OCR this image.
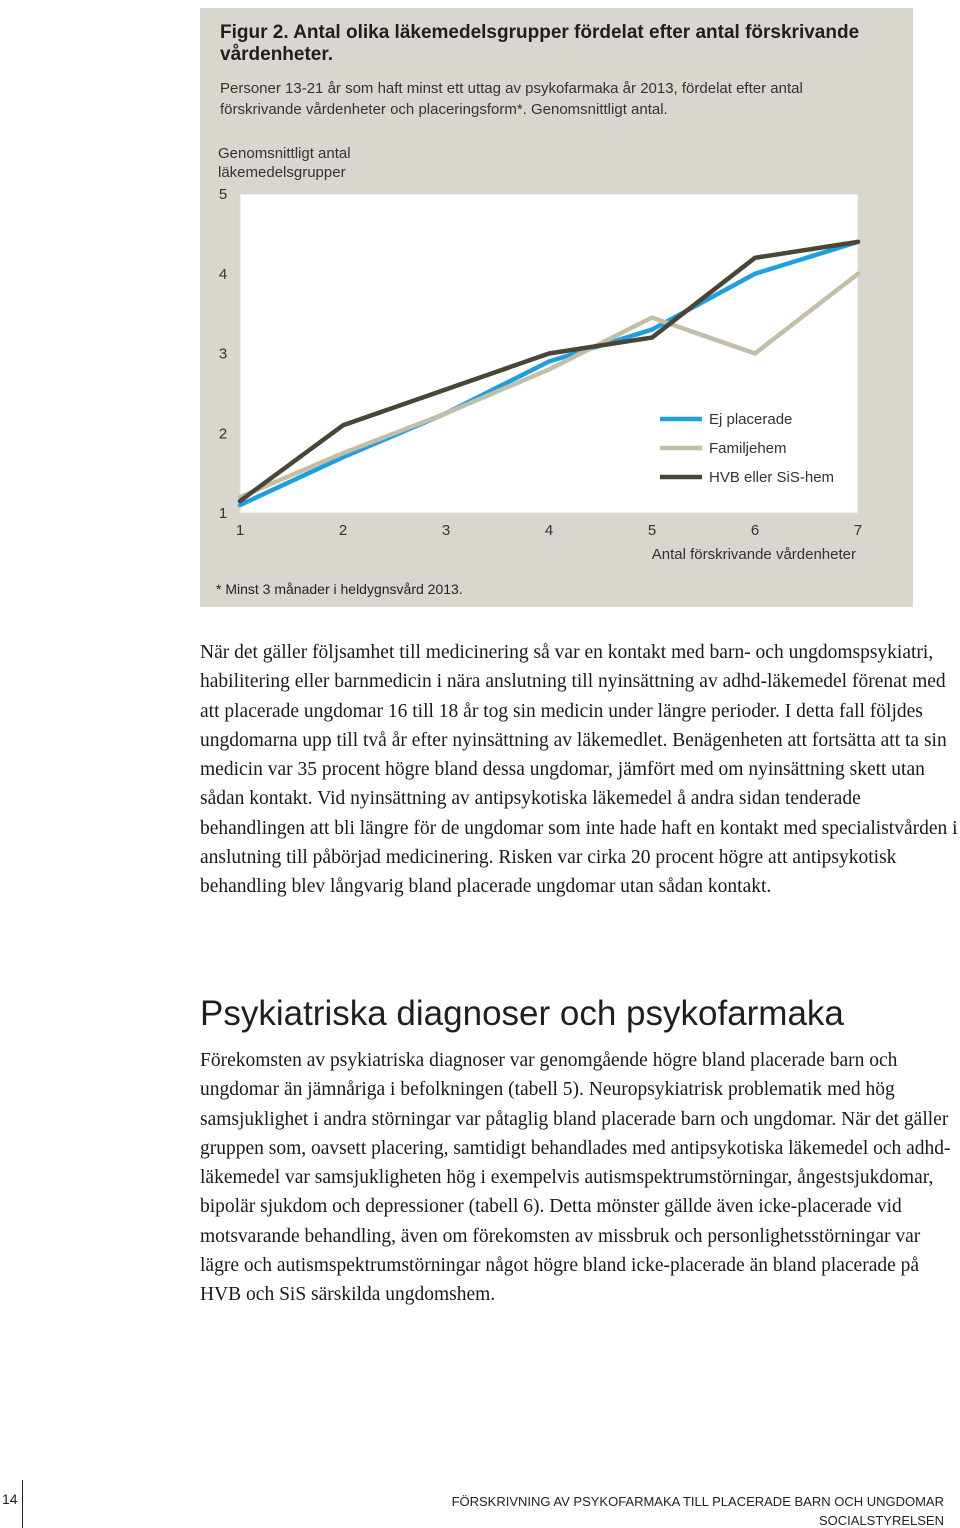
Figur 2. Antal olika läkemedelsgrupper fördelat efter antal förskrivande vårdenheter.
Personer 13-21 år som haft minst ett uttag av psykofarmaka år 2013, fördelat efter antal förskrivande vårdenheter och placeringsform*. Genomsnittligt antal.
Genomsnittligt antal
läkemedelsgrupper
1
2
3
4
5
1	2	3	4	5	6	7
Ej placerade
Familjehem
HVB eller SiS-hem
Antal förskrivande vårdenheter
* Minst 3 månader i heldygnsvård 2013.

När det gäller följsamhet till medicinering så var en kontakt med barn- och ungdomspsykiatri, habilitering eller barnmedicin i nära anslutning till nyinsättning av adhd-läkemedel förenat med att placerade ungdomar 16 till 18 år tog sin medicin under längre perioder. I detta fall följdes ungdomarna upp till två år efter nyinsättning av läkemedlet. Benägenheten att fortsätta att ta sin medicin var 35 procent högre bland dessa ungdomar, jämfört med om nyinsättning skett utan sådan kontakt. Vid nyinsättning av antipsykotiska läkemedel å andra sidan tenderade behandlingen att bli längre för de ungdomar som inte hade haft en kontakt med specialistvården i anslutning till påbörjad medicinering. Risken var cirka 20 procent högre att antipsykotisk behandling blev långvarig bland placerade ungdomar utan sådan kontakt.

Psykiatriska diagnoser och psykofarmaka

Förekomsten av psykiatriska diagnoser var genomgående högre bland placerade barn och ungdomar än jämnåriga i befolkningen (tabell 5). Neuropsykiatrisk problematik med hög samsjuklighet i andra störningar var påtaglig bland placerade barn och ungdomar. När det gäller gruppen som, oavsett placering, samtidigt behandlades med antipsykotiska läkemedel och adhd-läkemedel var samsjukligheten hög i exempelvis autismspektrumstörningar, ångestsjukdomar, bipolär sjukdom och depressioner (tabell 6). Detta mönster gällde även icke-placerade vid motsvarande behandling, även om förekomsten av missbruk och personlighetsstörningar var lägre och autismspektrumstörningar något högre bland icke-placerade än bland placerade på HVB och SiS särskilda ungdomshem.

14	FÖRSKRIVNING AV PSYKOFARMAKA TILL PLACERADE BARN OCH UNGDOMAR
SOCIALSTYRELSEN
